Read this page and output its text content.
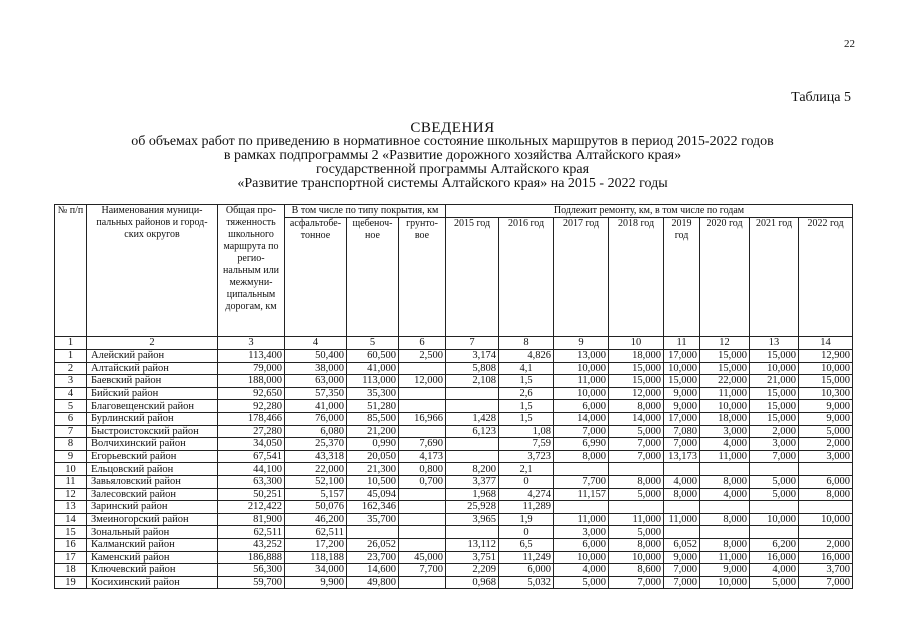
22
Таблица 5
СВЕДЕНИЯ
об объемах работ по приведению в нормативное состояние школьных маршрутов в период 2015-2022 годов
в рамках подпрограммы 2 «Развитие дорожного хозяйства Алтайского края»
государственной программы Алтайского края
«Развитие транспортной системы Алтайского края» на 2015 - 2022 годы
№ п/п	Наименования муници-пальных районов и город-ских округов	Общая про-тяженность школьного маршрута по регио-нальным или межмуни-ципальным дорогам, км	В том числе по типу покрытия, км			Подлежит ремонту, км, в том числе по годам							
			асфальтобе-тонное	щебеноч-ное	грунто-вое	2015 год	2016 год	2017 год	2018 год	2019 год	2020 год	2021 год	2022 год
1	2	3	4	5	6	7	8	9	10	11	12	13	14
1	Алейский район	113,400	50,400	60,500	2,500	3,174	4,826	13,000	18,000	17,000	15,000	15,000	12,900
2	Алтайский район	79,000	38,000	41,000		5,808	4,1	10,000	15,000	10,000	15,000	10,000	10,000
3	Баевский район	188,000	63,000	113,000	12,000	2,108	1,5	11,000	15,000	15,000	22,000	21,000	15,000
4	Бийский район	92,650	57,350	35,300			2,6	10,000	12,000	9,000	11,000	15,000	10,300
5	Благовещенский район	92,280	41,000	51,280			1,5	6,000	8,000	9,000	10,000	15,000	9,000
6	Бурлинский район	178,466	76,000	85,500	16,966	1,428	1,5	14,000	14,000	17,000	18,000	15,000	9,000
7	Быстроистокский район	27,280	6,080	21,200		6,123	1,08	7,000	5,000	7,080	3,000	2,000	5,000
8	Волчихинский район	34,050	25,370	0,990	7,690		7,59	6,990	7,000	7,000	4,000	3,000	2,000
9	Егорьевский район	67,541	43,318	20,050	4,173		3,723	8,000	7,000	13,173	11,000	7,000	3,000
10	Ельцовский район	44,100	22,000	21,300	0,800	8,200	2,1						
11	Завьяловский район	63,300	52,100	10,500	0,700	3,377	0	7,700	8,000	4,000	8,000	5,000	6,000
12	Залесовский район	50,251	5,157	45,094		1,968	4,274	11,157	5,000	8,000	4,000	5,000	8,000
13	Заринский район	212,422	50,076	162,346		25,928	11,289						
14	Змеиногорский район	81,900	46,200	35,700		3,965	1,9	11,000	11,000	11,000	8,000	10,000	10,000
15	Зональный район	62,511	62,511				0	3,000	5,000				
16	Калманский район	43,252	17,200	26,052		13,112	6,5	6,000	8,000	6,052	8,000	6,200	2,000
17	Каменский район	186,888	118,188	23,700	45,000	3,751	11,249	10,000	10,000	9,000	11,000	16,000	16,000
18	Ключевский район	56,300	34,000	14,600	7,700	2,209	6,000	4,000	8,600	7,000	9,000	4,000	3,700
19	Косихинский район	59,700	9,900	49,800		0,968	5,032	5,000	7,000	7,000	10,000	5,000	7,000
